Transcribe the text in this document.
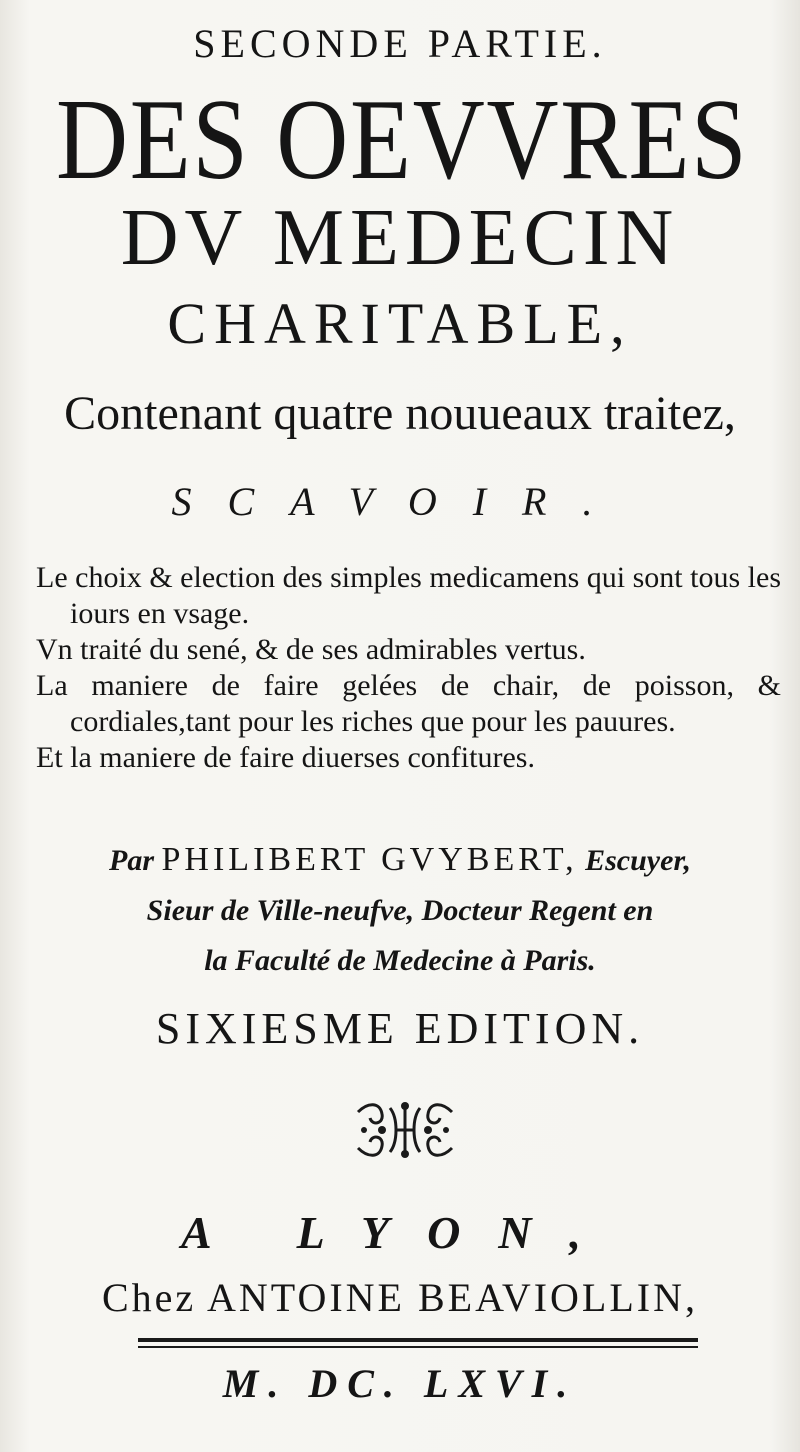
SECONDE PARTIE.
DES OEVVRES
DV MEDECIN
CHARITABLE,
Contenant quatre nouueaux traitez,
SCAVOIR.
Le choix & election des simples medicamens qui sont tous les iours en vsage.
Vn traité du sené, & de ses admirables vertus.
La maniere de faire gelées de chair, de poisson, & cordiales,tant pour les riches que pour les pauures.
Et la maniere de faire diuerses confitures.
Par PHILIBERT GVYBERT, Escuyer,
Sieur de Ville-neufve, Docteur Regent en
la Faculté de Medecine à Paris.
SIXIESME EDITION.
A LYON,
Chez ANTOINE BEAVIOLLIN,
M. DC. LXVI.
